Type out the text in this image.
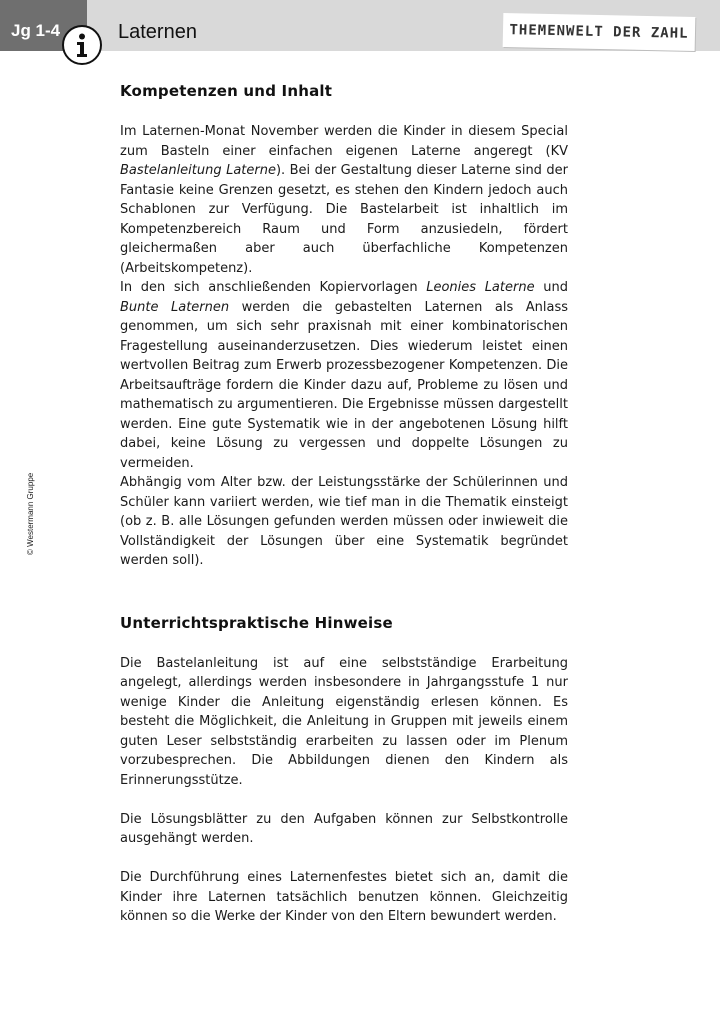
Jg 1-4	Laternen	THEMENWELT DER ZAHL
© Westermann Gruppe
Kompetenzen und Inhalt

Im Laternen-Monat November werden die Kinder in diesem Special zum Basteln einer einfachen eigenen Laterne angeregt (KV Bastelanleitung Laterne). Bei der Gestaltung dieser Laterne sind der Fantasie keine Grenzen gesetzt, es stehen den Kindern jedoch auch Schablonen zur Verfügung. Die Bastelarbeit ist inhaltlich im Kompetenzbereich Raum und Form anzusiedeln, fördert gleichermaßen aber auch überfachliche Kompetenzen (Arbeitskompetenz).

In den sich anschließenden Kopiervorlagen Leonies Laterne und Bunte Laternen werden die gebastelten Laternen als Anlass genommen, um sich sehr praxisnah mit einer kombinatorischen Fragestellung auseinanderzusetzen. Dies wiederum leistet einen wertvollen Beitrag zum Erwerb prozessbezogener Kompetenzen. Die Arbeitsaufträge fordern die Kinder dazu auf, Probleme zu lösen und mathematisch zu argumentieren. Die Ergebnisse müssen dargestellt werden. Eine gute Systematik wie in der angebotenen Lösung hilft dabei, keine Lösung zu vergessen und doppelte Lösungen zu vermeiden.

Abhängig vom Alter bzw. der Leistungsstärke der Schülerinnen und Schüler kann variiert werden, wie tief man in die Thematik einsteigt (ob z. B. alle Lösungen gefunden werden müssen oder inwieweit die Vollständigkeit der Lösungen über eine Systematik begründet werden soll).

Unterrichtspraktische Hinweise

Die Bastelanleitung ist auf eine selbstständige Erarbeitung angelegt, allerdings werden insbesondere in Jahrgangsstufe 1 nur wenige Kinder die Anleitung eigenständig erlesen können. Es besteht die Möglichkeit, die Anleitung in Gruppen mit jeweils einem guten Leser selbstständig erarbeiten zu lassen oder im Plenum vorzubesprechen. Die Abbildungen dienen den Kindern als Erinnerungsstütze.

Die Lösungsblätter zu den Aufgaben können zur Selbstkontrolle ausgehängt werden.

Die Durchführung eines Laternenfestes bietet sich an, damit die Kinder ihre Laternen tatsächlich benutzen können. Gleichzeitig können so die Werke der Kinder von den Eltern bewundert werden.
